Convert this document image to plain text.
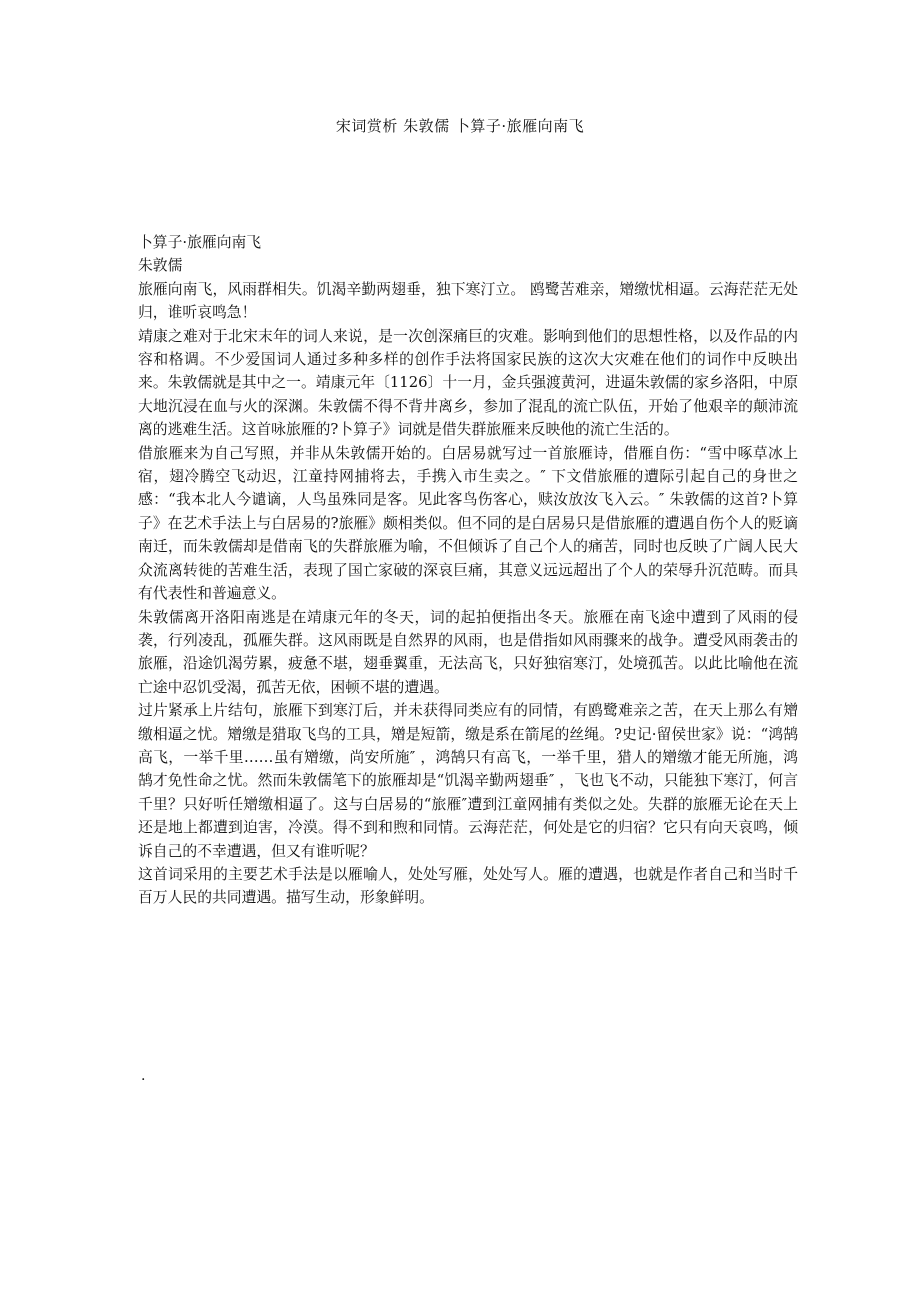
宋词赏析 朱敦儒 卜算子·旅雁向南飞

卜算子·旅雁向南飞

朱敦儒

旅雁向南飞，风雨群相失。饥渴辛勤两翅垂，独下寒汀立。 鸥鹭苦难亲，矰缴忧相逼。云海茫茫无处归，谁听哀鸣急！

靖康之难对于北宋末年的词人来说，是一次创深痛巨的灾难。影响到他们的思想性格，以及作品的内容和格调。不少爱国词人通过多种多样的创作手法将国家民族的这次大灾难在他们的词作中反映出来。朱敦儒就是其中之一。靖康元年〔1126〕十一月，金兵强渡黄河，进逼朱敦儒的家乡洛阳，中原大地沉浸在血与火的深渊。朱敦儒不得不背井离乡，参加了混乱的流亡队伍，开始了他艰辛的颠沛流离的逃难生活。这首咏旅雁的?卜算子》词就是借失群旅雁来反映他的流亡生活的。

借旅雁来为自己写照，并非从朱敦儒开始的。白居易就写过一首旅雁诗，借雁自伤：“雪中啄草冰上宿，翅冷腾空飞动迟，江童持网捕将去，手携入市生卖之。″ 下文借旅雁的遭际引起自己的身世之感：“我本北人今谴谪，人鸟虽殊同是客。见此客鸟伤客心，赎汝放汝飞入云。″ 朱敦儒的这首?卜算子》在艺术手法上与白居易的?旅雁》颇相类似。但不同的是白居易只是借旅雁的遭遇自伤个人的贬谪南迁，而朱敦儒却是借南飞的失群旅雁为喻，不但倾诉了自己个人的痛苦，同时也反映了广阔人民大众流离转徙的苦难生活，表现了国亡家破的深哀巨痛，其意义远远超出了个人的荣辱升沉范畴。而具有代表性和普遍意义。

朱敦儒离开洛阳南逃是在靖康元年的冬天，词的起拍便指出冬天。旅雁在南飞途中遭到了风雨的侵袭，行列凌乱，孤雁失群。这风雨既是自然界的风雨，也是借指如风雨骤来的战争。遭受风雨袭击的旅雁，沿途饥渴劳累，疲惫不堪，翅垂翼重，无法高飞，只好独宿寒汀，处境孤苦。以此比喻他在流亡途中忍饥受渴，孤苦无依，困顿不堪的遭遇。

过片紧承上片结句，旅雁下到寒汀后，并未获得同类应有的同情，有鸥鹭难亲之苦，在天上那么有矰缴相逼之忧。矰缴是猎取飞鸟的工具，矰是短箭，缴是系在箭尾的丝绳。?史记·留侯世家》说：“鸿鹄高飞，一举千里……虽有矰缴，尚安所施″ ，鸿鹄只有高飞，一举千里，猎人的矰缴才能无所施，鸿鹄才免性命之忧。然而朱敦儒笔下的旅雁却是“饥渴辛勤两翅垂″ ，飞也飞不动，只能独下寒汀，何言千里？只好听任矰缴相逼了。这与白居易的“旅雁″遭到江童网捕有类似之处。失群的旅雁无论在天上还是地上都遭到迫害，冷漠。得不到和煦和同情。云海茫茫，何处是它的归宿？它只有向天哀鸣，倾诉自己的不幸遭遇，但又有谁听呢？

这首词采用的主要艺术手法是以雁喻人，处处写雁，处处写人。雁的遭遇，也就是作者自己和当时千百万人民的共同遭遇。描写生动，形象鲜明。

.
